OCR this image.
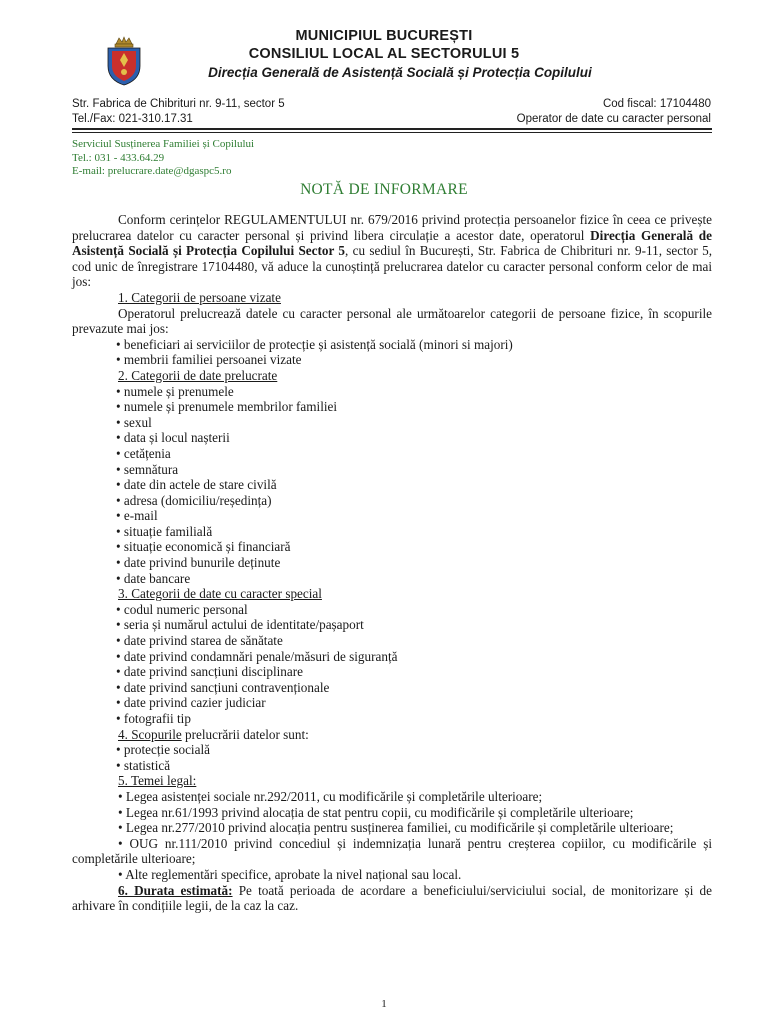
MUNICIPIUL BUCUREȘTI
CONSILIUL LOCAL AL SECTORULUI 5
Direcția Generală de Asistență Socială și Protecția Copilului
Str. Fabrica de Chibrituri nr. 9-11, sector 5
Tel./Fax: 021-310.17.31
Cod fiscal: 17104480
Operator de date cu caracter personal
Serviciul Susținerea Familiei și Copilului
Tel.: 031 - 433.64.29
E-mail: prelucrare.date@dgaspc5.ro
NOTĂ DE INFORMARE

Conform cerințelor REGULAMENTULUI nr. 679/2016 privind protecția persoanelor fizice în ceea ce privește prelucrarea datelor cu caracter personal și privind libera circulație a acestor date, operatorul Direcția Generală de Asistență Socială și Protecția Copilului Sector 5, cu sediul în București, Str. Fabrica de Chibrituri nr. 9-11, sector 5, cod unic de înregistrare 17104480, vă aduce la cunoștință prelucrarea datelor cu caracter personal conform celor de mai jos:

1. Categorii de persoane vizate

Operatorul prelucrează datele cu caracter personal ale următoarelor categorii de persoane fizice, în scopurile prevazute mai jos:

• beneficiari ai serviciilor de protecție și asistență socială (minori si majori)
• membrii familiei persoanei vizate
2. Categorii de date prelucrate
• numele și prenumele
• numele și prenumele membrilor familiei
• sexul
• data și locul nașterii
• cetățenia
• semnătura
• date din actele de stare civilă
• adresa (domiciliu/reședința)
• e-mail
• situație familială
• situație economică și financiară
• date privind bunurile deținute
• date bancare
3. Categorii de date cu caracter special
• codul numeric personal
• seria și numărul actului de identitate/pașaport
• date privind starea de sănătate
• date privind condamnări penale/măsuri de siguranță
• date privind sancțiuni disciplinare
• date privind sancțiuni contravenționale
• date privind cazier judiciar
• fotografii tip
4. Scopurile prelucrării datelor sunt:
• protecție socială
• statistică
5. Temei legal:
• Legea asistenței sociale nr.292/2011, cu modificările și completările ulterioare;
• Legea nr.61/1993 privind alocația de stat pentru copii, cu modificările și completările ulterioare;
• Legea nr.277/2010 privind alocația pentru susținerea familiei, cu modificările și completările ulterioare;
• OUG nr.111/2010 privind concediul și indemnizația lunară pentru creșterea copiilor, cu modificările și completările ulterioare;
• Alte reglementări specifice, aprobate la nivel național sau local.

6. Durata estimată: Pe toată perioada de acordare a beneficiului/serviciului social, de monitorizare și de arhivare în condițiile legii, de la caz la caz.

1
